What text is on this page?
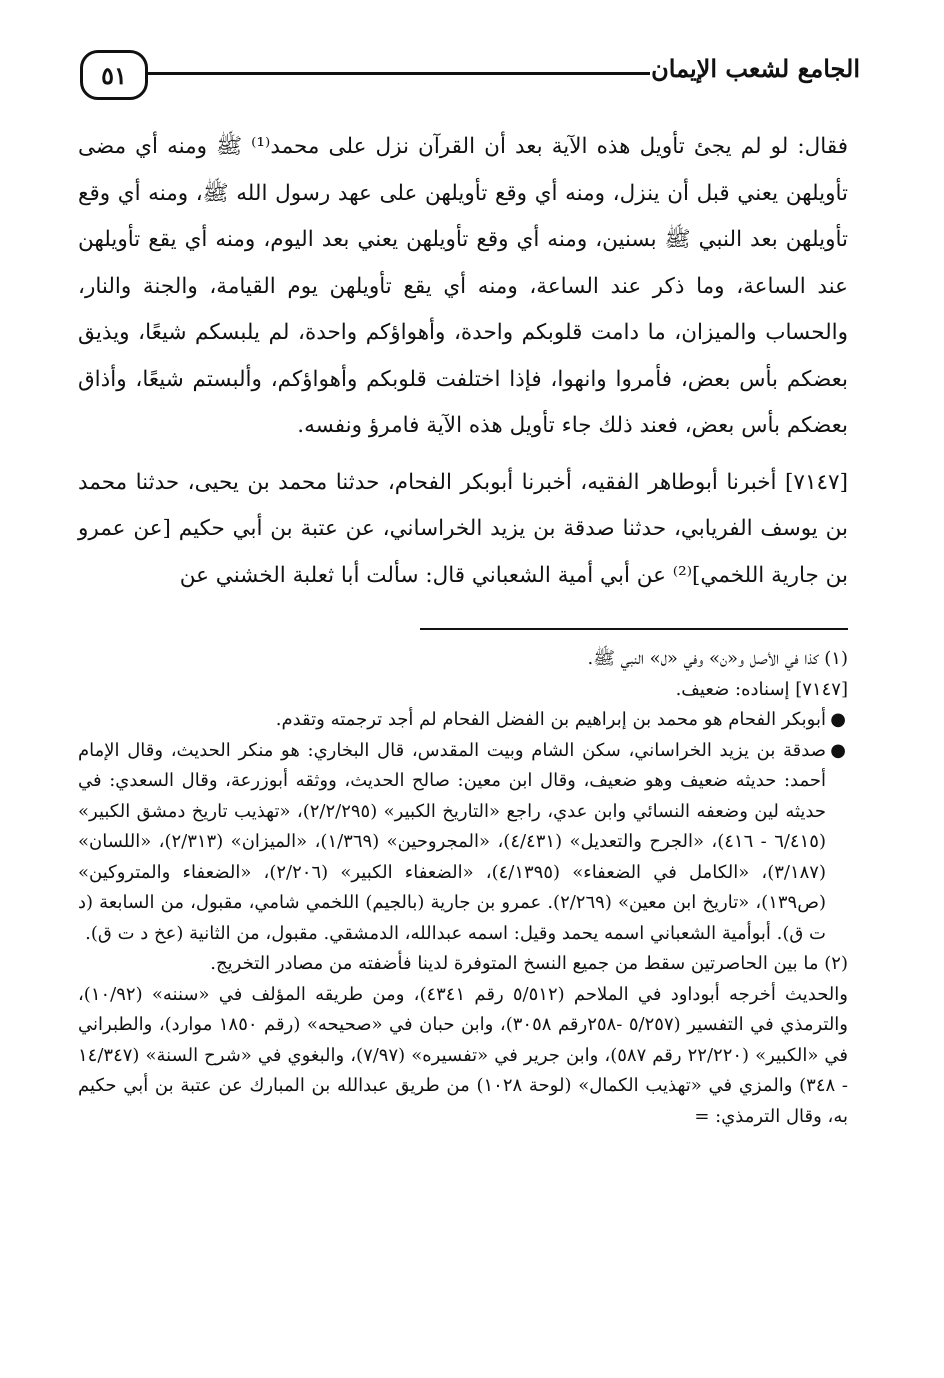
٥١	الجامع لشعب الإيمان

فقال: لو لم يجئ تأويل هذه الآية بعد أن القرآن نزل على محمد⁽¹⁾ ﷺ ومنه أي مضى تأويلهن يعني قبل أن ينزل، ومنه أي وقع تأويلهن على عهد رسول الله ﷺ، ومنه أي وقع تأويلهن بعد النبي ﷺ بسنين، ومنه أي وقع تأويلهن يعني بعد اليوم، ومنه أي يقع تأويلهن عند الساعة، وما ذكر عند الساعة، ومنه أي يقع تأويلهن يوم القيامة، والجنة والنار، والحساب والميزان، ما دامت قلوبكم واحدة، وأهواؤكم واحدة، لم يلبسكم شيعًا، ويذيق بعضكم بأس بعض، فأمروا وانهوا، فإذا اختلفت قلوبكم وأهواؤكم، وألبستم شيعًا، وأذاق بعضكم بأس بعض، فعند ذلك جاء تأويل هذه الآية فامرؤ ونفسه.

[٧١٤٧] أخبرنا أبوطاهر الفقيه، أخبرنا أبوبكر الفحام، حدثنا محمد بن يحيى، حدثنا محمد بن يوسف الفريابي، حدثنا صدقة بن يزيد الخراساني، عن عتبة بن أبي حكيم [عن عمرو بن جارية اللخمي]⁽²⁾ عن أبي أمية الشعباني قال: سألت أبا ثعلبة الخشني عن

(١) كذا في الأصل و«ن» وفي «ل» النبي ﷺ.

[٧١٤٧] إسناده: ضعيف.

●
أبوبكر الفحام هو محمد بن إبراهيم بن الفضل الفحام لم أجد ترجمته وتقدم.
●
صدقة بن يزيد الخراساني، سكن الشام وبيت المقدس، قال البخاري: هو منكر الحديث، وقال الإمام أحمد: حديثه ضعيف وهو ضعيف، وقال ابن معين: صالح الحديث، ووثقه أبوزرعة، وقال السعدي: في حديثه لين وضعفه النسائي وابن عدي، راجع «التاريخ الكبير» (٢/٢/٢٩٥)، «تهذيب تاريخ دمشق الكبير» (٦/٤١٥ - ٤١٦)، «الجرح والتعديل» (٤/٤٣١)، «المجروحين» (١/٣٦٩)، «الميزان» (٢/٣١٣)، «اللسان» (٣/١٨٧)، «الكامل في الضعفاء» (٤/١٣٩٥)، «الضعفاء الكبير» (٢/٢٠٦)، «الضعفاء والمتروكين» (ص١٣٩)، «تاريخ ابن معين» (٢/٢٦٩). عمرو بن جارية (بالجيم) اللخمي شامي، مقبول، من السابعة (د ت ق). أبوأمية الشعباني اسمه يحمد وقيل: اسمه عبدالله، الدمشقي. مقبول، من الثانية (عخ د ت ق).

(٢) ما بين الحاصرتين سقط من جميع النسخ المتوفرة لدينا فأضفته من مصادر التخريج.

والحديث أخرجه أبوداود في الملاحم (٥/٥١٢ رقم ٤٣٤١)، ومن طريقه المؤلف في «سننه» (١٠/٩٢)، والترمذي في التفسير (٥/٢٥٧ -٢٥٨رقم ٣٠٥٨)، وابن حبان في «صحيحه» (رقم ١٨٥٠ موارد)، والطبراني في «الكبير» (٢٢/٢٢٠ رقم ٥٨٧)، وابن جرير في «تفسيره» (٧/٩٧)، والبغوي في «شرح السنة» (١٤/٣٤٧ - ٣٤٨) والمزي في «تهذيب الكمال» (لوحة ١٠٢٨) من طريق عبدالله بن المبارك عن عتبة بن أبي حكيم به، وقال الترمذي: =
